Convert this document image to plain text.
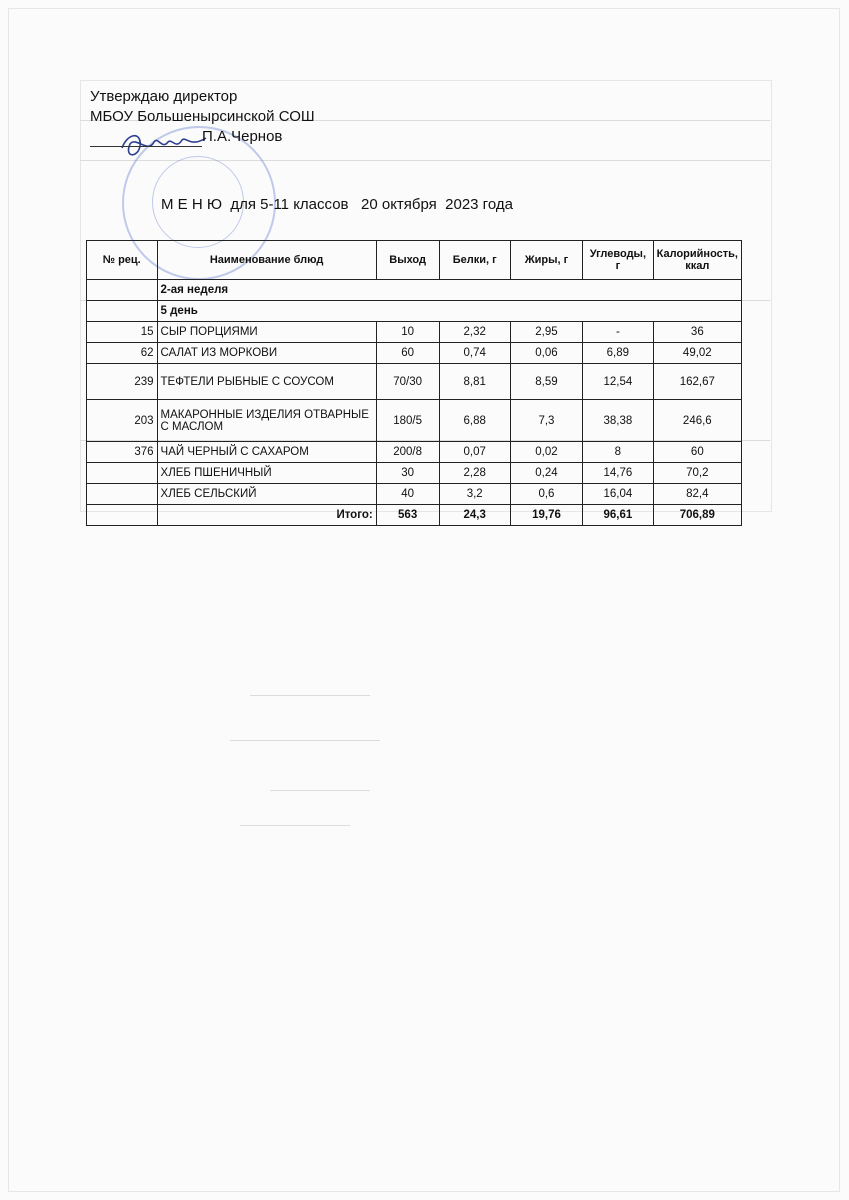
Утверждаю директор
МБОУ Большенырсинской СОШ
П.А.Чернов
М Е Н Ю  для 5-11 классов   20 октября  2023 года
№ рец.	Наименование блюд	Выход	Белки, г	Жиры, г	Углеводы, г	Калорийность, ккал
	2-ая неделя					
	5 день					
15	СЫР ПОРЦИЯМИ	10	2,32	2,95	-	36
62	САЛАТ ИЗ МОРКОВИ	60	0,74	0,06	6,89	49,02
239	ТЕФТЕЛИ РЫБНЫЕ С СОУСОМ	70/30	8,81	8,59	12,54	162,67
203	МАКАРОННЫЕ ИЗДЕЛИЯ ОТВАРНЫЕ С МАСЛОМ	180/5	6,88	7,3	38,38	246,6
376	ЧАЙ ЧЕРНЫЙ С САХАРОМ	200/8	0,07	0,02	8	60
	ХЛЕБ ПШЕНИЧНЫЙ	30	2,28	0,24	14,76	70,2
	ХЛЕБ СЕЛЬСКИЙ	40	3,2	0,6	16,04	82,4
	Итого:	563	24,3	19,76	96,61	706,89
